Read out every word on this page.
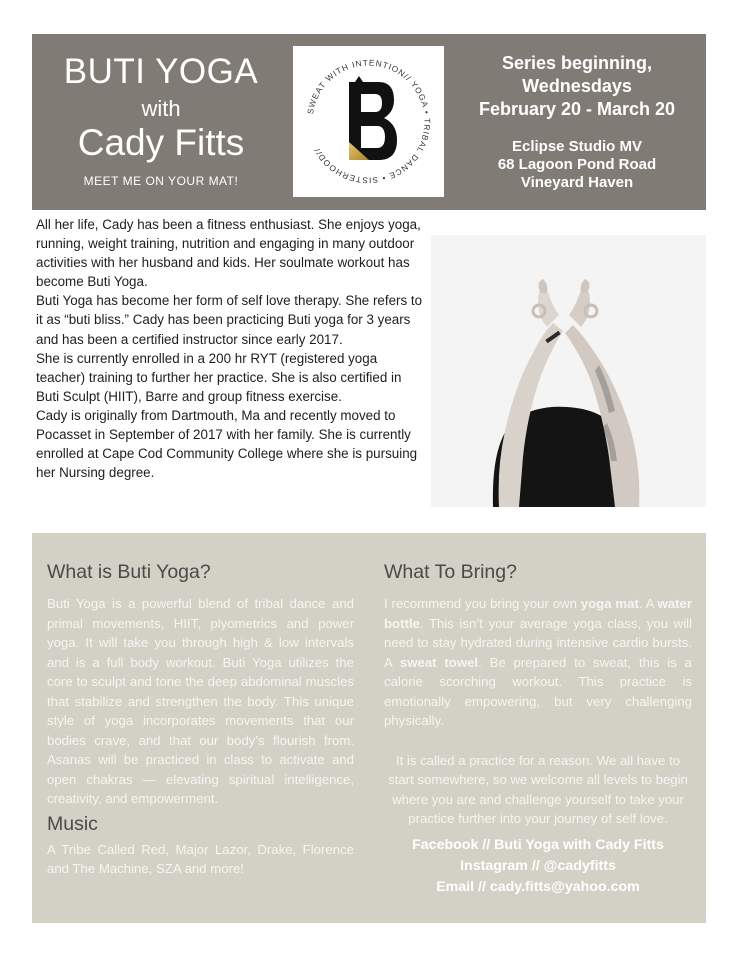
BUTI YOGA
with
Cady Fitts
MEET ME ON YOUR MAT!
SWEAT WITH INTENTION// YOGA • TRIBAL DANCE • SISTERHOOD//
Series beginning,
Wednesdays
February 20 - March 20
Eclipse Studio MV
68 Lagoon Pond Road
Vineyard Haven
All her life, Cady has been a fitness enthusiast. She enjoys yoga, running, weight training, nutrition and engaging in many outdoor activities with her husband and kids. Her soulmate workout has become Buti Yoga.
Buti Yoga has become her form of self love therapy. She refers to it as “buti bliss.” Cady has been practicing Buti yoga for 3 years and has been a certified instructor since early 2017.
She is currently enrolled in a 200 hr RYT (registered yoga teacher) training to further her practice. She is also certified in Buti Sculpt (HIIT), Barre and group fitness exercise.
Cady is originally from Dartmouth, Ma and recently moved to Pocasset in September of 2017 with her family. She is currently enrolled at Cape Cod Community College where she is pursuing her Nursing degree.
What is Buti Yoga?
Buti Yoga is a powerful blend of tribal dance and primal movements, HIIT, plyometrics and power yoga. It will take you through high & low intervals and is a full body workout. Buti Yoga utilizes the core to sculpt and tone the deep abdominal muscles that stabilize and strengthen the body. This unique style of yoga incorporates movements that our bodies crave, and that our body’s flourish from. Asanas will be practiced in class to activate and open chakras — elevating spiritual intelligence, creativity, and empowerment.
Music
A Tribe Called Red, Major Lazor, Drake, Florence and The Machine, SZA and more!
What To Bring?
I recommend you bring your own yoga mat. A water bottle. This isn’t your average yoga class, you will need to stay hydrated during intensive cardio bursts. A sweat towel. Be prepared to sweat, this is a calorie scorching workout. This practice is emotionally empowering, but very challenging physically.
It is called a practice for a reason. We all have to start somewhere, so we welcome all levels to begin where you are and challenge yourself to take your practice further into your journey of self love.
Facebook // Buti Yoga with Cady Fitts
Instagram // @cadyfitts
Email // cady.fitts@yahoo.com
